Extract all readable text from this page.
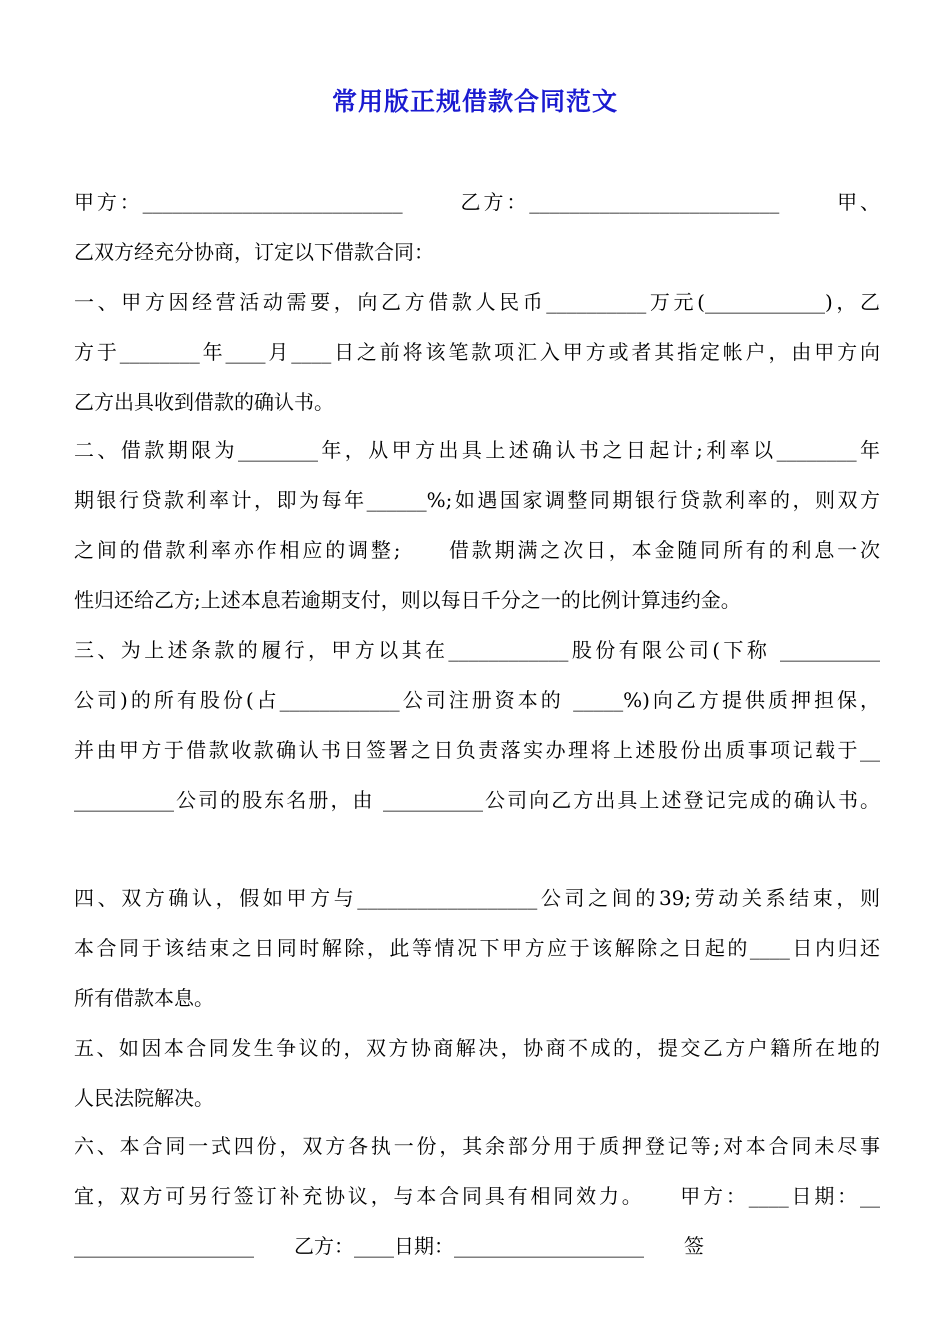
常用版正规借款合同范文
甲方：__________________________　　 乙方：_________________________　　 甲、
乙双方经充分协商，订定以下借款合同：
一、甲方因经营活动需要，向乙方借款人民币__________万元(____________)，乙
方于________年____月____日之前将该笔款项汇入甲方或者其指定帐户，由甲方向
乙方出具收到借款的确认书。
二、借款期限为________年，从甲方出具上述确认书之日起计;利率以________年
期银行贷款利率计，即为每年______%;如遇国家调整同期银行贷款利率的，则双方
之间的借款利率亦作相应的调整;　　借款期满之次日，本金随同所有的利息一次
性归还给乙方;上述本息若逾期支付，则以每日千分之一的比例计算违约金。
三、为上述条款的履行，甲方以其在____________股份有限公司(下称 __________
公司)的所有股份(占____________公司注册资本的 _____%)向乙方提供质押担保，
并由甲方于借款收款确认书日签署之日负责落实办理将上述股份出质事项记载于__
__________公司的股东名册，由 __________公司向乙方出具上述登记完成的确认书。
四、双方确认，假如甲方与__________________公司之间的39;劳动关系结束，则
本合同于该结束之日同时解除，此等情况下甲方应于该解除之日起的____日内归还
所有借款本息。
五、如因本合同发生争议的，双方协商解决，协商不成的，提交乙方户籍所在地的
人民法院解决。
六、本合同一式四份，双方各执一份，其余部分用于质押登记等;对本合同未尽事
宜，双方可另行签订补充协议，与本合同具有相同效力。　　甲方：____日期：__
__________________　　乙方：____日期：___________________　　签
